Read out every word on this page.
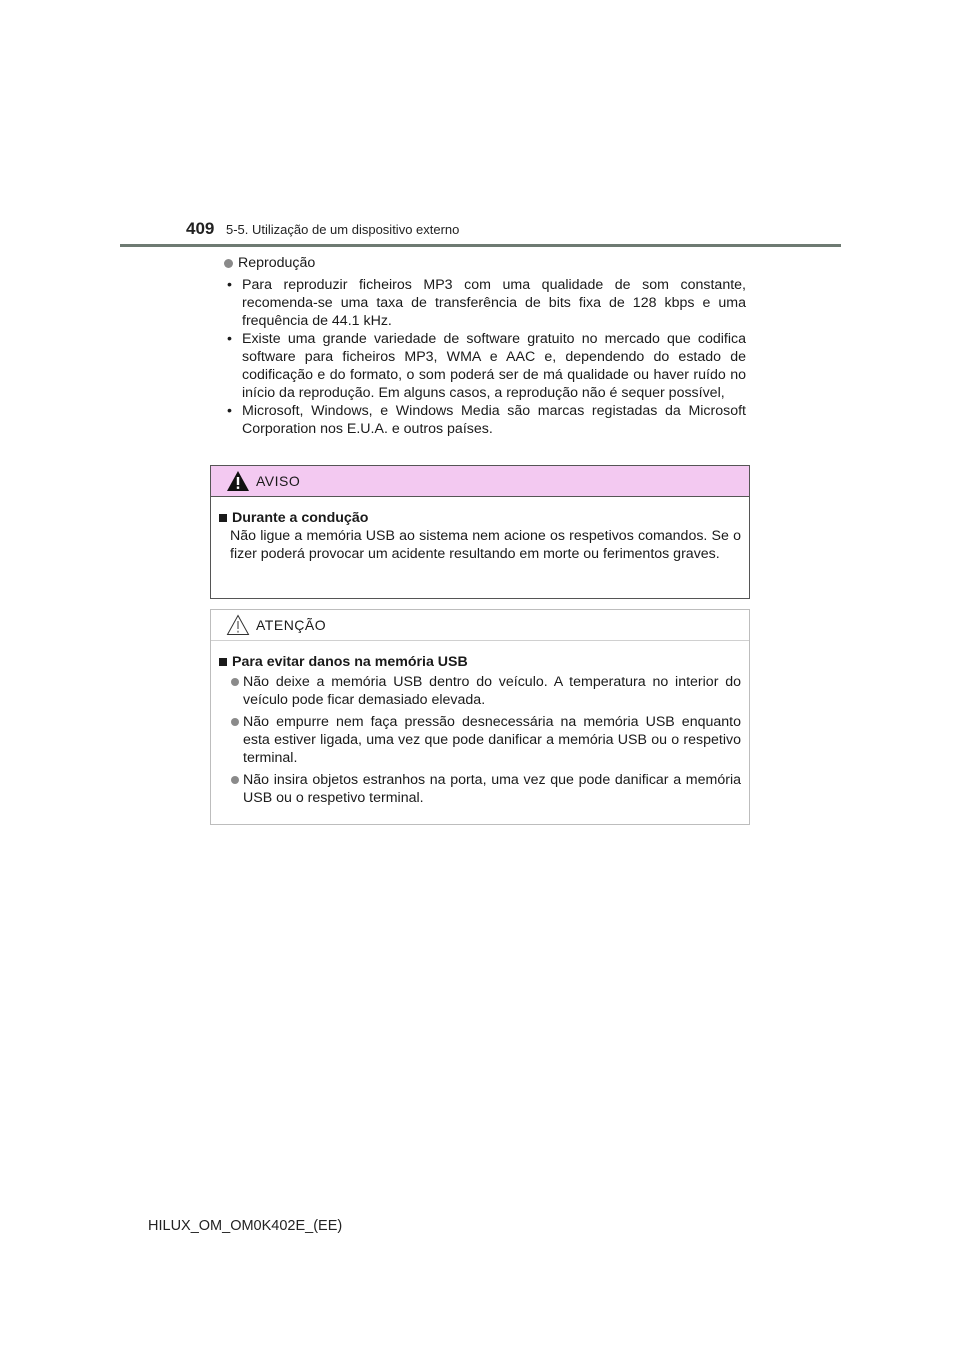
409 5-5. Utilização de um dispositivo externo
Reprodução
• Para reproduzir ficheiros MP3 com uma qualidade de som constante, recomenda-se uma taxa de transferência de bits fixa de 128 kbps e uma frequência de 44.1 kHz.
• Existe uma grande variedade de software gratuito no mercado que codifica software para ficheiros MP3, WMA e AAC e, dependendo do estado de codificação e do formato, o som poderá ser de má qualidade ou haver ruído no início da reprodução. Em alguns casos, a reprodução não é sequer possível,
• Microsoft, Windows, e Windows Media são marcas registadas da Microsoft Corporation nos E.U.A. e outros países.
AVISO
Durante a condução
Não ligue a memória USB ao sistema nem acione os respetivos comandos. Se o fizer poderá provocar um acidente resultando em morte ou ferimentos graves.
ATENÇÃO
Para evitar danos na memória USB
Não deixe a memória USB dentro do veículo. A temperatura no interior do veículo pode ficar demasiado elevada.
Não empurre nem faça pressão desnecessária na memória USB enquanto esta estiver ligada, uma vez que pode danificar a memória USB ou o respetivo terminal.
Não insira objetos estranhos na porta, uma vez que pode danificar a memória USB ou o respetivo terminal.
HILUX_OM_OM0K402E_(EE)
